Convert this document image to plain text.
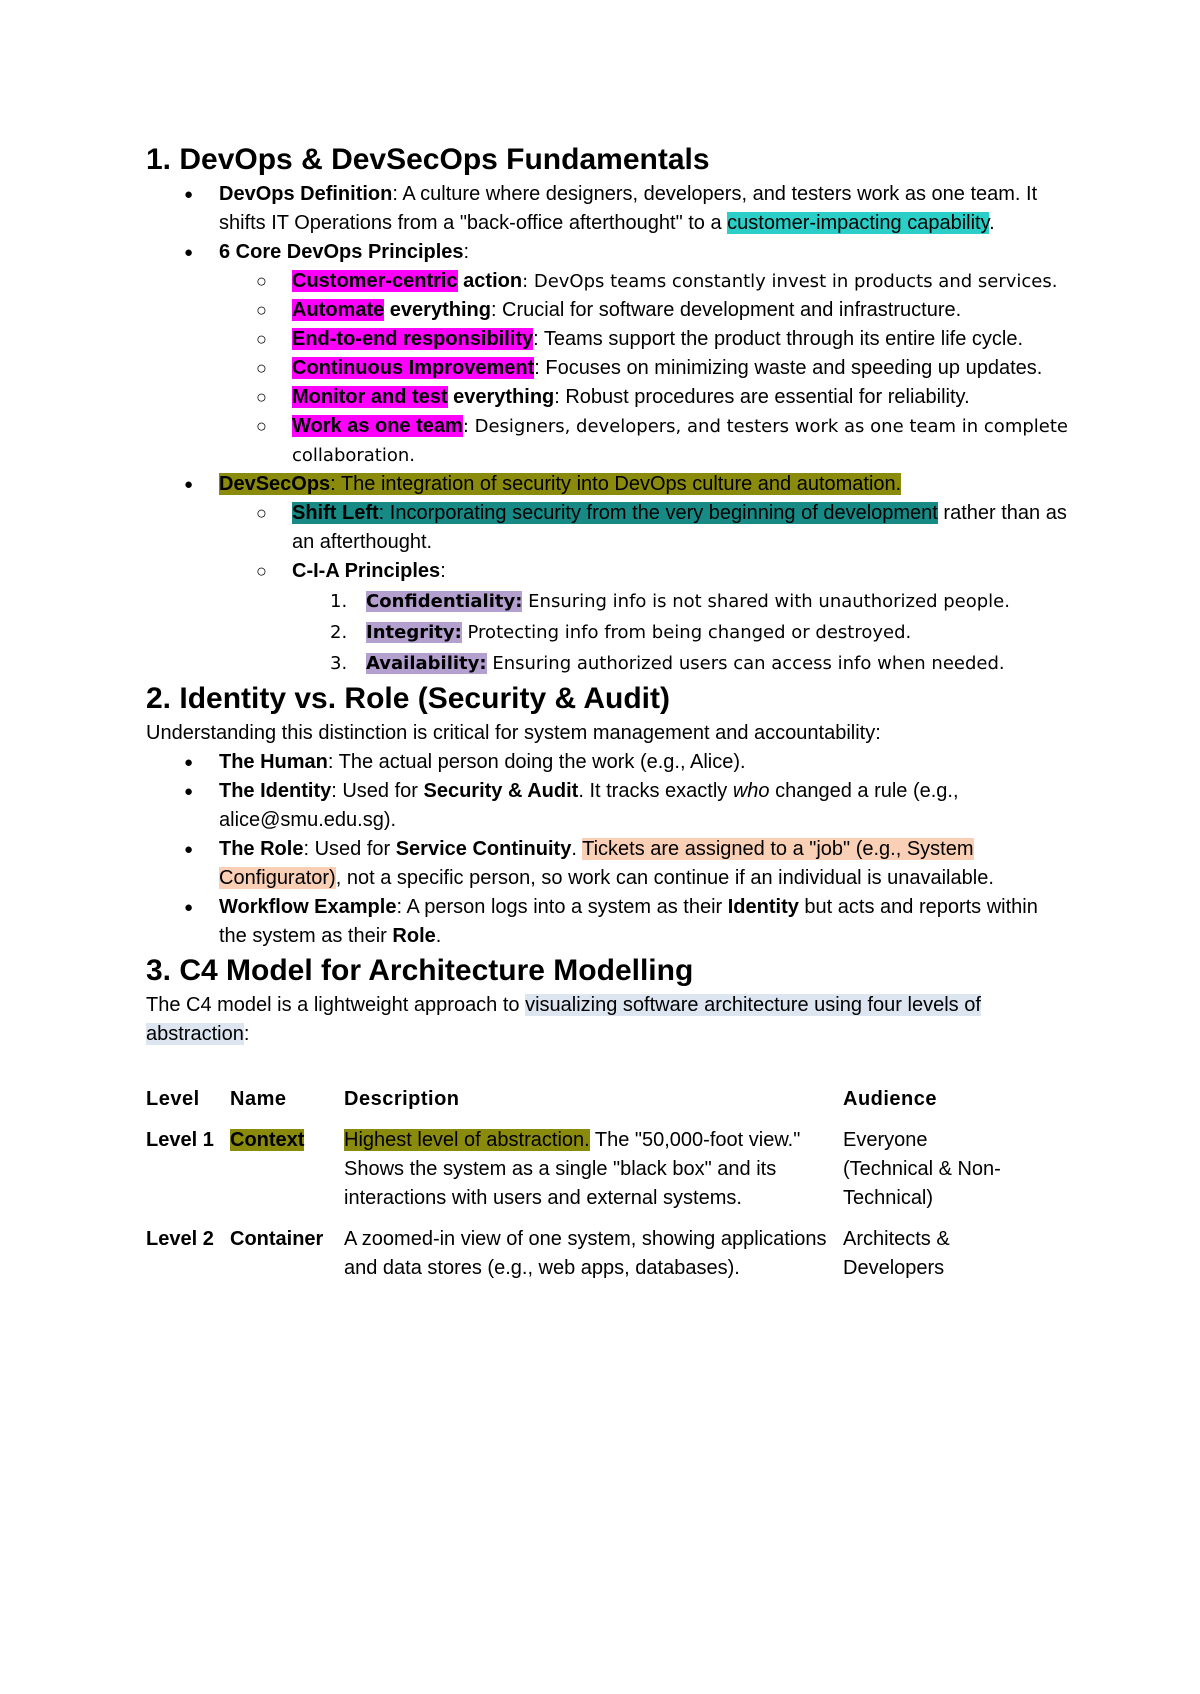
1. DevOps & DevSecOps Fundamentals
● DevOps Definition: A culture where designers, developers, and testers work as one team. It shifts IT Operations from a "back-office afterthought" to a customer-impacting capability.
● 6 Core DevOps Principles:
○ Customer-centric action: DevOps teams constantly invest in products and services.
○ Automate everything: Crucial for software development and infrastructure.
○ End-to-end responsibility: Teams support the product through its entire life cycle.
○ Continuous Improvement: Focuses on minimizing waste and speeding up updates.
○ Monitor and test everything: Robust procedures are essential for reliability.
○ Work as one team: Designers, developers, and testers work as one team in complete collaboration.
● DevSecOps: The integration of security into DevOps culture and automation.
○ Shift Left: Incorporating security from the very beginning of development rather than as an afterthought.
○ C-I-A Principles:
1. Confidentiality: Ensuring info is not shared with unauthorized people.
2. Integrity: Protecting info from being changed or destroyed.
3. Availability: Ensuring authorized users can access info when needed.
2. Identity vs. Role (Security & Audit)

Understanding this distinction is critical for system management and accountability:

● The Human: The actual person doing the work (e.g., Alice).
● The Identity: Used for Security & Audit. It tracks exactly who changed a rule (e.g., alice@smu.edu.sg).
● The Role: Used for Service Continuity. Tickets are assigned to a "job" (e.g., System Configurator), not a specific person, so work can continue if an individual is unavailable.
● Workflow Example: A person logs into a system as their Identity but acts and reports within the system as their Role.
3. C4 Model for Architecture Modelling

The C4 model is a lightweight approach to visualizing software architecture using four levels of abstraction:

Level	Name	Description	Audience
Level 1	Context	Highest level of abstraction. The "50,000-foot view." Shows the system as a single "black box" and its interactions with users and external systems.	Everyone (Technical & Non-Technical)
Level 2	Container	A zoomed-in view of one system, showing applications and data stores (e.g., web apps, databases).	Architects & Developers
